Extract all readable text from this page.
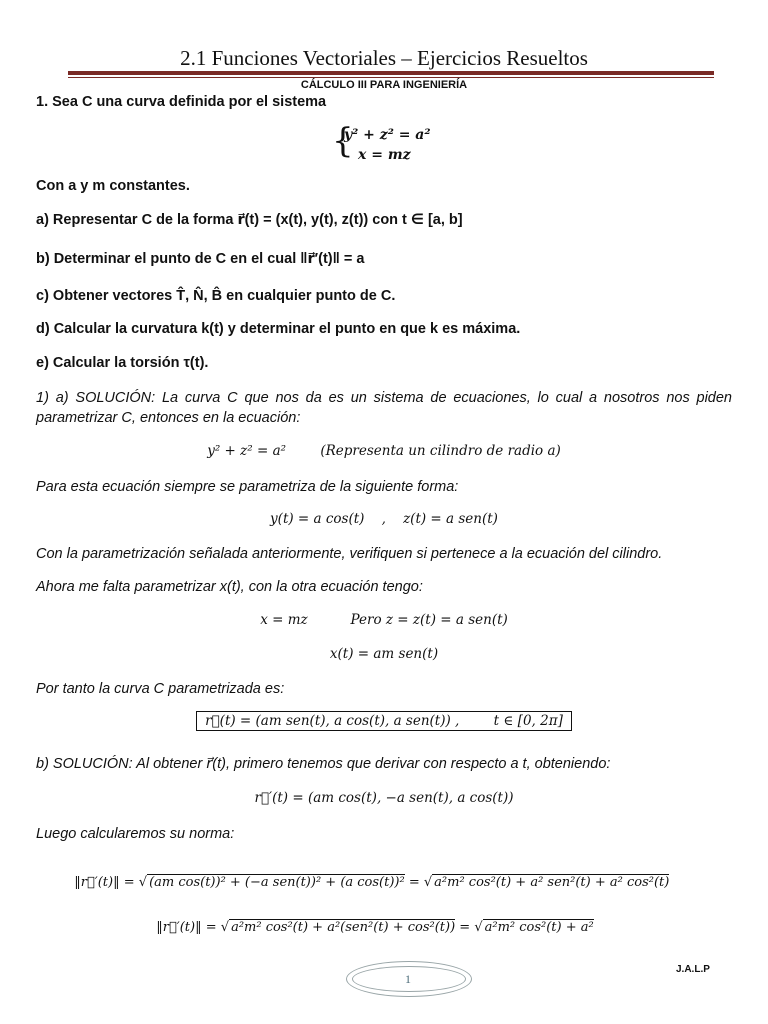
2.1 Funciones Vectoriales – Ejercicios Resueltos
CÁLCULO III PARA INGENIERÍA
1. Sea C una curva definida por el sistema
{
y² + z² = a²
x = mz
Con a y m constantes.
a) Representar C de la forma r⃗(t) = (x(t), y(t), z(t)) con t ∈ [a, b]
b) Determinar el punto de C en el cual ‖r⃗′(t)‖ = a
c) Obtener vectores T̂, N̂, B̂ en cualquier punto de C.
d) Calcular la curvatura k(t) y determinar el punto en que k es máxima.
e) Calcular la torsión τ(t).
1) a) SOLUCIÓN: La curva C que nos da es un sistema de ecuaciones, lo cual a nosotros nos piden parametrizar C, entonces en la ecuación:
y² + z² = a²        (Representa un cilindro de radio a)
Para esta ecuación siempre se parametriza de la siguiente forma:
y(t) = a cos(t)    ,    z(t) = a sen(t)
Con la parametrización señalada anteriormente, verifiquen si pertenece a la ecuación del cilindro.
Ahora me falta parametrizar x(t), con la otra ecuación tengo:
x = mz          Pero z = z(t) = a sen(t)
x(t) = am sen(t)
Por tanto la curva C parametrizada es:
r⃗(t) = (am sen(t), a cos(t), a sen(t)) ,        t ∈ [0, 2π]
b) SOLUCIÓN: Al obtener r⃗(t), primero tenemos que derivar con respecto a t, obteniendo:
r⃗′(t) = (am cos(t), −a sen(t), a cos(t))
Luego calcularemos su norma:

‖r⃗′(t)‖ = √ (am cos(t))² + (−a sen(t))² + (a cos(t))² = √ a²m² cos²(t) + a² sen²(t) + a² cos²(t)

‖r⃗′(t)‖ = √ a²m² cos²(t) + a²(sen²(t) + cos²(t)) = √ a²m² cos²(t) + a²

1
J.A.L.P
